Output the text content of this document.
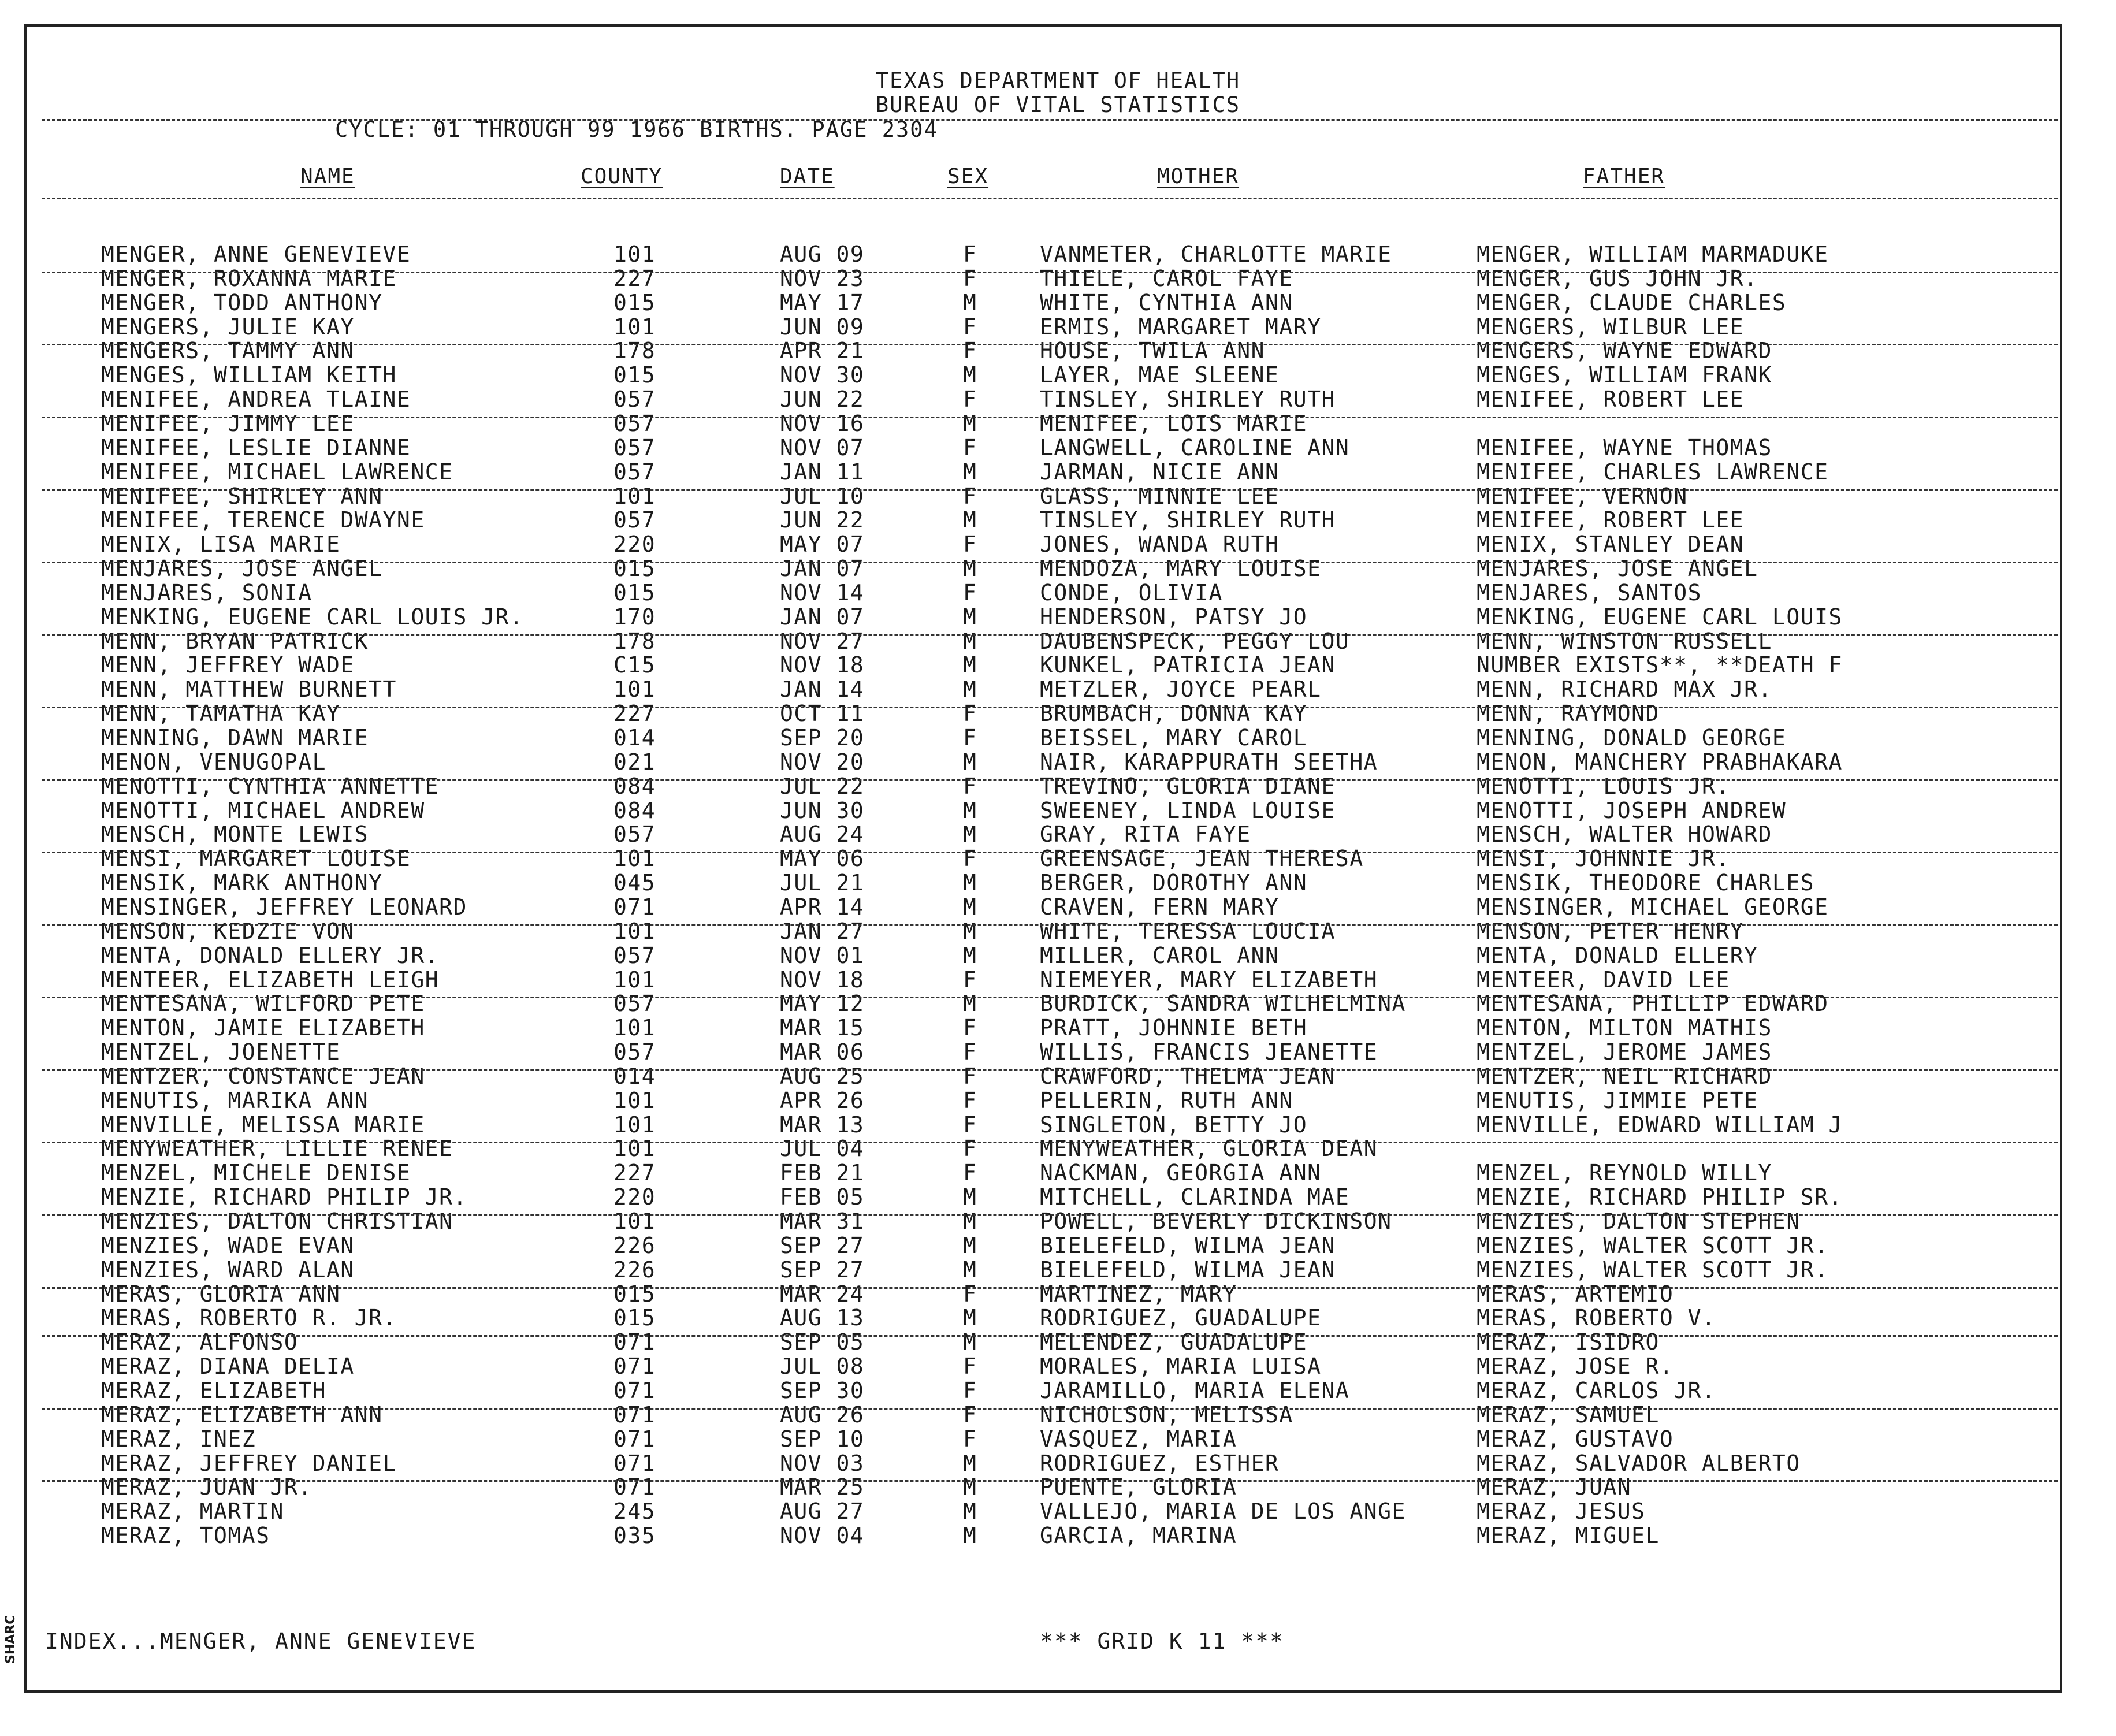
TEXAS DEPARTMENT OF HEALTH
BUREAU OF VITAL STATISTICS
CYCLE: 01 THROUGH 99 1966 BIRTHS. PAGE 2304
NAME	COUNTY	DATE	SEX	MOTHER	FATHER
MENGER, ANNE GENEVIEVE	101	AUG 09	F	VANMETER, CHARLOTTE MARIE	MENGER, WILLIAM MARMADUKE
MENGER, ROXANNA MARIE	227	NOV 23	F	THIELE, CAROL FAYE	MENGER, GUS JOHN JR.
MENGER, TODD ANTHONY	015	MAY 17	M	WHITE, CYNTHIA ANN	MENGER, CLAUDE CHARLES
MENGERS, JULIE KAY	101	JUN 09	F	ERMIS, MARGARET MARY	MENGERS, WILBUR LEE
MENGERS, TAMMY ANN	178	APR 21	F	HOUSE, TWILA ANN	MENGERS, WAYNE EDWARD
MENGES, WILLIAM KEITH	015	NOV 30	M	LAYER, MAE SLEENE	MENGES, WILLIAM FRANK
MENIFEE, ANDREA TLAINE	057	JUN 22	F	TINSLEY, SHIRLEY RUTH	MENIFEE, ROBERT LEE
MENIFEE, JIMMY LEE	057	NOV 16	M	MENIFEE, LOIS MARIE
MENIFEE, LESLIE DIANNE	057	NOV 07	F	LANGWELL, CAROLINE ANN	MENIFEE, WAYNE THOMAS
MENIFEE, MICHAEL LAWRENCE	057	JAN 11	M	JARMAN, NICIE ANN	MENIFEE, CHARLES LAWRENCE
MENIFEE, SHIRLEY ANN	101	JUL 10	F	GLASS, MINNIE LEE	MENIFEE, VERNON
MENIFEE, TERENCE DWAYNE	057	JUN 22	M	TINSLEY, SHIRLEY RUTH	MENIFEE, ROBERT LEE
MENIX, LISA MARIE	220	MAY 07	F	JONES, WANDA RUTH	MENIX, STANLEY DEAN
MENJARES, JOSE ANGEL	015	JAN 07	M	MENDOZA, MARY LOUISE	MENJARES, JOSE ANGEL
MENJARES, SONIA	015	NOV 14	F	CONDE, OLIVIA	MENJARES, SANTOS
MENKING, EUGENE CARL LOUIS JR.	170	JAN 07	M	HENDERSON, PATSY JO	MENKING, EUGENE CARL LOUIS
MENN, BRYAN PATRICK	178	NOV 27	M	DAUBENSPECK, PEGGY LOU	MENN, WINSTON RUSSELL
MENN, JEFFREY WADE	C15	NOV 18	M	KUNKEL, PATRICIA JEAN	NUMBER EXISTS**, **DEATH F
MENN, MATTHEW BURNETT	101	JAN 14	M	METZLER, JOYCE PEARL	MENN, RICHARD MAX JR.
MENN, TAMATHA KAY	227	OCT 11	F	BRUMBACH, DONNA KAY	MENN, RAYMOND
MENNING, DAWN MARIE	014	SEP 20	F	BEISSEL, MARY CAROL	MENNING, DONALD GEORGE
MENON, VENUGOPAL	021	NOV 20	M	NAIR, KARAPPURATH SEETHA	MENON, MANCHERY PRABHAKARA
MENOTTI, CYNTHIA ANNETTE	084	JUL 22	F	TREVINO, GLORIA DIANE	MENOTTI, LOUIS JR.
MENOTTI, MICHAEL ANDREW	084	JUN 30	M	SWEENEY, LINDA LOUISE	MENOTTI, JOSEPH ANDREW
MENSCH, MONTE LEWIS	057	AUG 24	M	GRAY, RITA FAYE	MENSCH, WALTER HOWARD
MENSI, MARGARET LOUISE	101	MAY 06	F	GREENSAGE, JEAN THERESA	MENSI, JOHNNIE JR.
MENSIK, MARK ANTHONY	045	JUL 21	M	BERGER, DOROTHY ANN	MENSIK, THEODORE CHARLES
MENSINGER, JEFFREY LEONARD	071	APR 14	M	CRAVEN, FERN MARY	MENSINGER, MICHAEL GEORGE
MENSON, KEDZIE VON	101	JAN 27	M	WHITE, TERESSA LOUCIA	MENSON, PETER HENRY
MENTA, DONALD ELLERY JR.	057	NOV 01	M	MILLER, CAROL ANN	MENTA, DONALD ELLERY
MENTEER, ELIZABETH LEIGH	101	NOV 18	F	NIEMEYER, MARY ELIZABETH	MENTEER, DAVID LEE
MENTESANA, WILFORD PETE	057	MAY 12	M	BURDICK, SANDRA WILHELMINA	MENTESANA, PHILLIP EDWARD
MENTON, JAMIE ELIZABETH	101	MAR 15	F	PRATT, JOHNNIE BETH	MENTON, MILTON MATHIS
MENTZEL, JOENETTE	057	MAR 06	F	WILLIS, FRANCIS JEANETTE	MENTZEL, JEROME JAMES
MENTZER, CONSTANCE JEAN	014	AUG 25	F	CRAWFORD, THELMA JEAN	MENTZER, NEIL RICHARD
MENUTIS, MARIKA ANN	101	APR 26	F	PELLERIN, RUTH ANN	MENUTIS, JIMMIE PETE
MENVILLE, MELISSA MARIE	101	MAR 13	F	SINGLETON, BETTY JO	MENVILLE, EDWARD WILLIAM J
MENYWEATHER, LILLIE RENEE	101	JUL 04	F	MENYWEATHER, GLORIA DEAN
MENZEL, MICHELE DENISE	227	FEB 21	F	NACKMAN, GEORGIA ANN	MENZEL, REYNOLD WILLY
MENZIE, RICHARD PHILIP JR.	220	FEB 05	M	MITCHELL, CLARINDA MAE	MENZIE, RICHARD PHILIP SR.
MENZIES, DALTON CHRISTIAN	101	MAR 31	M	POWELL, BEVERLY DICKINSON	MENZIES, DALTON STEPHEN
MENZIES, WADE EVAN	226	SEP 27	M	BIELEFELD, WILMA JEAN	MENZIES, WALTER SCOTT JR.
MENZIES, WARD ALAN	226	SEP 27	M	BIELEFELD, WILMA JEAN	MENZIES, WALTER SCOTT JR.
MERAS, GLORIA ANN	015	MAR 24	F	MARTINEZ, MARY	MERAS, ARTEMIO
MERAS, ROBERTO R. JR.	015	AUG 13	M	RODRIGUEZ, GUADALUPE	MERAS, ROBERTO V.
MERAZ, ALFONSO	071	SEP 05	M	MELENDEZ, GUADALUPE	MERAZ, ISIDRO
MERAZ, DIANA DELIA	071	JUL 08	F	MORALES, MARIA LUISA	MERAZ, JOSE R.
MERAZ, ELIZABETH	071	SEP 30	F	JARAMILLO, MARIA ELENA	MERAZ, CARLOS JR.
MERAZ, ELIZABETH ANN	071	AUG 26	F	NICHOLSON, MELISSA	MERAZ, SAMUEL
MERAZ, INEZ	071	SEP 10	F	VASQUEZ, MARIA	MERAZ, GUSTAVO
MERAZ, JEFFREY DANIEL	071	NOV 03	M	RODRIGUEZ, ESTHER	MERAZ, SALVADOR ALBERTO
MERAZ, JUAN JR.	071	MAR 25	M	PUENTE, GLORIA	MERAZ, JUAN
MERAZ, MARTIN	245	AUG 27	M	VALLEJO, MARIA DE LOS ANGE	MERAZ, JESUS
MERAZ, TOMAS	035	NOV 04	M	GARCIA, MARINA	MERAZ, MIGUEL
INDEX...MENGER, ANNE GENEVIEVE	*** GRID K 11 ***
SHARC
